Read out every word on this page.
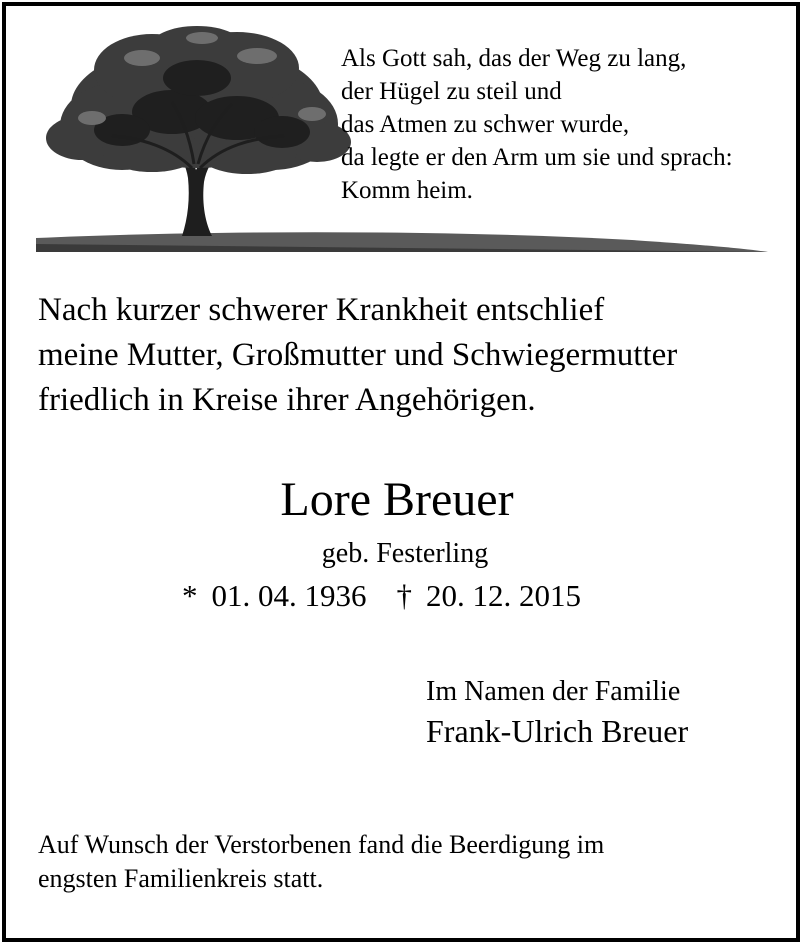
Als Gott sah, das der Weg zu lang,
der Hügel zu steil und
das Atmen zu schwer wurde,
da legte er den Arm um sie und sprach:
Komm heim.
Nach kurzer schwerer Krankheit entschlief
meine Mutter, Großmutter und Schwiegermutter
friedlich in Kreise ihrer Angehörigen.
Lore Breuer
geb. Festerling
* 01. 04. 1936 † 20. 12. 2015
Im Namen der Familie
Frank-Ulrich Breuer
Auf Wunsch der Verstorbenen fand die Beerdigung im
engsten Familienkreis statt.
